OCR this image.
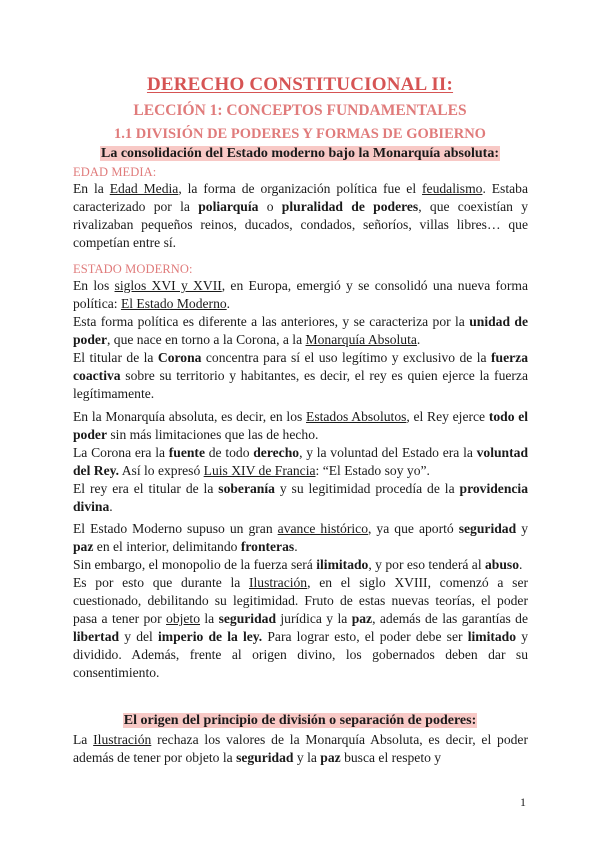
DERECHO CONSTITUCIONAL II:
LECCIÓN 1: CONCEPTOS FUNDAMENTALES
1.1 DIVISIÓN DE PODERES Y FORMAS DE GOBIERNO
La consolidación del Estado moderno bajo la Monarquía absoluta:
EDAD MEDIA:

En la Edad Media, la forma de organización política fue el feudalismo. Estaba caracterizado por la poliarquía o pluralidad de poderes, que coexistían y rivalizaban pequeños reinos, ducados, condados, señoríos, villas libres… que competían entre sí.

ESTADO MODERNO:

En los siglos XVI y XVII, en Europa, emergió y se consolidó una nueva forma política: El Estado Moderno.

Esta forma política es diferente a las anteriores, y se caracteriza por la unidad de poder, que nace en torno a la Corona, a la Monarquía Absoluta.

El titular de la Corona concentra para sí el uso legítimo y exclusivo de la fuerza coactiva sobre su territorio y habitantes, es decir, el rey es quien ejerce la fuerza legítimamente.

En la Monarquía absoluta, es decir, en los Estados Absolutos, el Rey ejerce todo el poder sin más limitaciones que las de hecho.

La Corona era la fuente de todo derecho, y la voluntad del Estado era la voluntad del Rey. Así lo expresó Luis XIV de Francia: “El Estado soy yo”.

El rey era el titular de la soberanía y su legitimidad procedía de la providencia divina.

El Estado Moderno supuso un gran avance histórico, ya que aportó seguridad y paz en el interior, delimitando fronteras.

Sin embargo, el monopolio de la fuerza será ilimitado, y por eso tenderá al abuso.

Es por esto que durante la Ilustración, en el siglo XVIII, comenzó a ser cuestionado, debilitando su legitimidad. Fruto de estas nuevas teorías, el poder pasa a tener por objeto la seguridad jurídica y la paz, además de las garantías de libertad y del imperio de la ley. Para lograr esto, el poder debe ser limitado y dividido. Además, frente al origen divino, los gobernados deben dar su consentimiento.

El origen del principio de división o separación de poderes:

La Ilustración rechaza los valores de la Monarquía Absoluta, es decir, el poder además de tener por objeto la seguridad y la paz busca el respeto y

1
